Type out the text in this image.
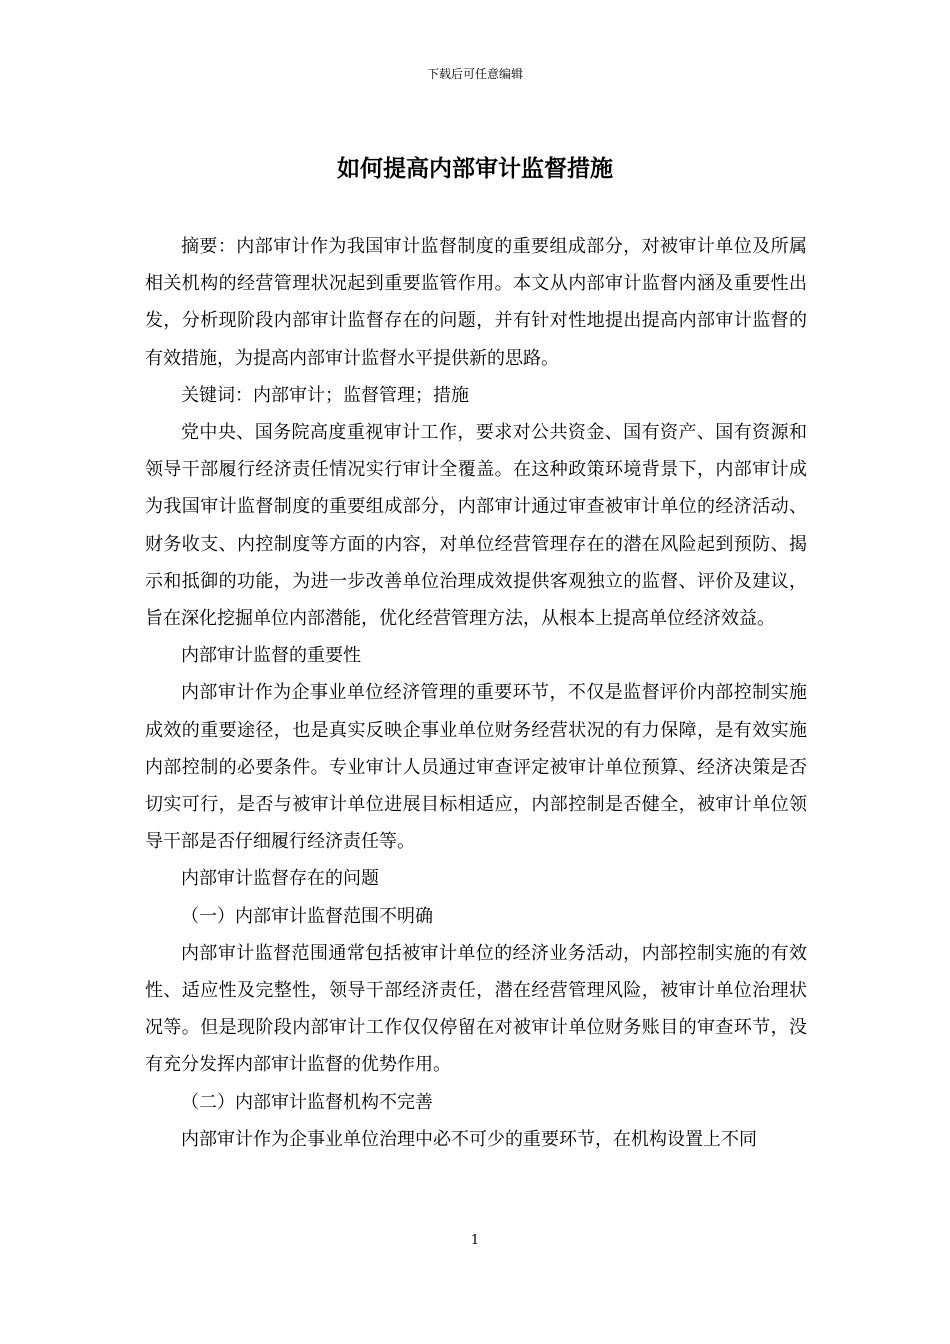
下载后可任意编辑
如何提高内部审计监督措施

摘要：内部审计作为我国审计监督制度的重要组成部分，对被审计单位及所属相关机构的经营管理状况起到重要监管作用。本文从内部审计监督内涵及重要性出发，分析现阶段内部审计监督存在的问题，并有针对性地提出提高内部审计监督的有效措施，为提高内部审计监督水平提供新的思路。

关键词：内部审计；监督管理；措施

党中央、国务院高度重视审计工作，要求对公共资金、国有资产、国有资源和领导干部履行经济责任情况实行审计全覆盖。在这种政策环境背景下，内部审计成为我国审计监督制度的重要组成部分，内部审计通过审查被审计单位的经济活动、财务收支、内控制度等方面的内容，对单位经营管理存在的潜在风险起到预防、揭示和抵御的功能，为进一步改善单位治理成效提供客观独立的监督、评价及建议，旨在深化挖掘单位内部潜能，优化经营管理方法，从根本上提高单位经济效益。

内部审计监督的重要性

内部审计作为企事业单位经济管理的重要环节，不仅是监督评价内部控制实施成效的重要途径，也是真实反映企事业单位财务经营状况的有力保障，是有效实施内部控制的必要条件。专业审计人员通过审查评定被审计单位预算、经济决策是否切实可行，是否与被审计单位进展目标相适应，内部控制是否健全，被审计单位领导干部是否仔细履行经济责任等。

内部审计监督存在的问题

（一）内部审计监督范围不明确

内部审计监督范围通常包括被审计单位的经济业务活动，内部控制实施的有效性、适应性及完整性，领导干部经济责任，潜在经营管理风险，被审计单位治理状况等。但是现阶段内部审计工作仅仅停留在对被审计单位财务账目的审查环节，没有充分发挥内部审计监督的优势作用。

（二）内部审计监督机构不完善

内部审计作为企事业单位治理中必不可少的重要环节，在机构设置上不同

1
